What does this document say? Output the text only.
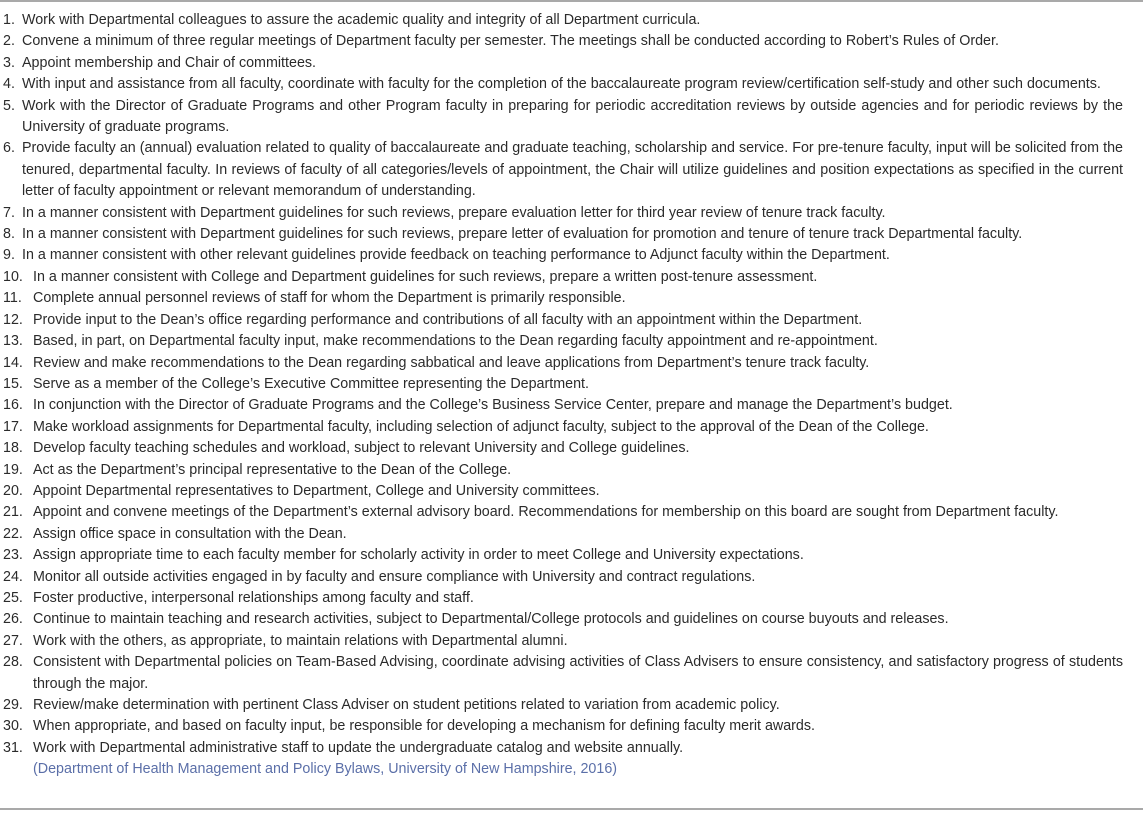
1. Work with Departmental colleagues to assure the academic quality and integrity of all Department curricula.
2. Convene a minimum of three regular meetings of Department faculty per semester. The meetings shall be conducted according to Robert’s Rules of Order.
3. Appoint membership and Chair of committees.
4. With input and assistance from all faculty, coordinate with faculty for the completion of the baccalaureate program review/certification self-study and other such documents.
5. Work with the Director of Graduate Programs and other Program faculty in preparing for periodic accreditation reviews by outside agencies and for periodic reviews by the University of graduate programs.
6. Provide faculty an (annual) evaluation related to quality of baccalaureate and graduate teaching, scholarship and service. For pre-tenure faculty, input will be solicited from the tenured, departmental faculty. In reviews of faculty of all categories/levels of appointment, the Chair will utilize guidelines and position expectations as specified in the current letter of faculty appointment or relevant memorandum of understanding.
7. In a manner consistent with Department guidelines for such reviews, prepare evaluation letter for third year review of tenure track faculty.
8. In a manner consistent with Department guidelines for such reviews, prepare letter of evaluation for promotion and tenure of tenure track Departmental faculty.
9. In a manner consistent with other relevant guidelines provide feedback on teaching performance to Adjunct faculty within the Department.
10. In a manner consistent with College and Department guidelines for such reviews, prepare a written post-tenure assessment.
11. Complete annual personnel reviews of staff for whom the Department is primarily responsible.
12. Provide input to the Dean’s office regarding performance and contributions of all faculty with an appointment within the Department.
13. Based, in part, on Departmental faculty input, make recommendations to the Dean regarding faculty appointment and re-appointment.
14. Review and make recommendations to the Dean regarding sabbatical and leave applications from Department’s tenure track faculty.
15. Serve as a member of the College’s Executive Committee representing the Department.
16. In conjunction with the Director of Graduate Programs and the College’s Business Service Center, prepare and manage the Department’s budget.
17. Make workload assignments for Departmental faculty, including selection of adjunct faculty, subject to the approval of the Dean of the College.
18. Develop faculty teaching schedules and workload, subject to relevant University and College guidelines.
19. Act as the Department’s principal representative to the Dean of the College.
20. Appoint Departmental representatives to Department, College and University committees.
21. Appoint and convene meetings of the Department’s external advisory board. Recommendations for membership on this board are sought from Department faculty.
22. Assign office space in consultation with the Dean.
23. Assign appropriate time to each faculty member for scholarly activity in order to meet College and University expectations.
24. Monitor all outside activities engaged in by faculty and ensure compliance with University and contract regulations.
25. Foster productive, interpersonal relationships among faculty and staff.
26. Continue to maintain teaching and research activities, subject to Departmental/College protocols and guidelines on course buyouts and releases.
27. Work with the others, as appropriate, to maintain relations with Departmental alumni.
28. Consistent with Departmental policies on Team-Based Advising, coordinate advising activities of Class Advisers to ensure consistency, and satisfactory progress of students through the major.
29. Review/make determination with pertinent Class Adviser on student petitions related to variation from academic policy.
30. When appropriate, and based on faculty input, be responsible for developing a mechanism for defining faculty merit awards.
31. Work with Departmental administrative staff to update the undergraduate catalog and website annually.
(Department of Health Management and Policy Bylaws, University of New Hampshire, 2016)
